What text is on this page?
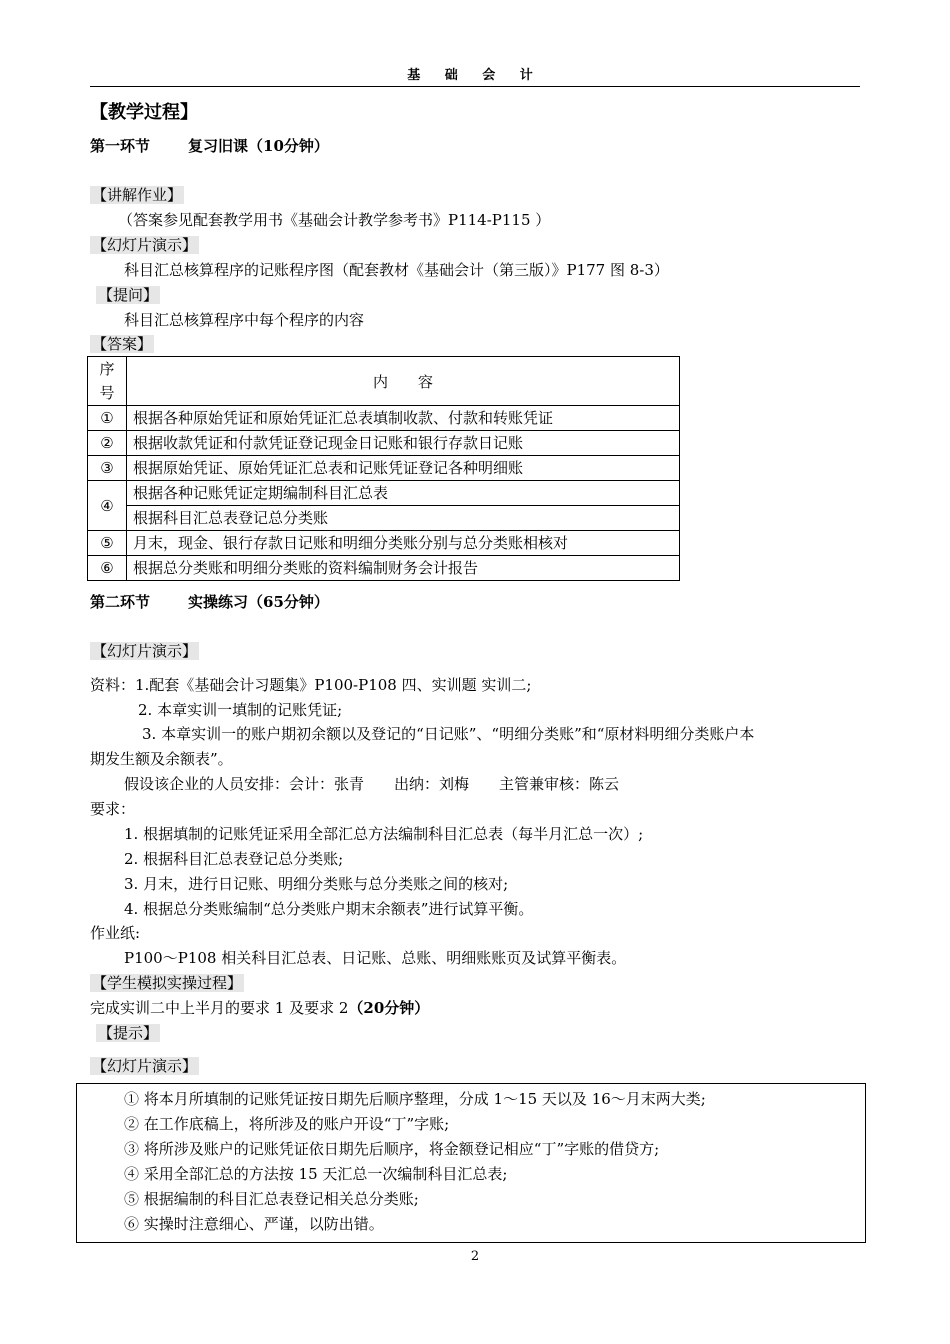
基 础 会 计
【教学过程】
第一环节	复习旧课（10分钟）
【讲解作业】
（答案参见配套教学用书《基础会计教学参考书》P114-P115 ）
【幻灯片演示】
科目汇总核算程序的记账程序图（配套教材《基础会计（第三版）》P177 图 8-3）
【提问】
科目汇总核算程序中每个程序的内容
【答案】
序号	内　　容
①	根据各种原始凭证和原始凭证汇总表填制收款、付款和转账凭证
②	根据收款凭证和付款凭证登记现金日记账和银行存款日记账
③	根据原始凭证、原始凭证汇总表和记账凭证登记各种明细账
④	根据各种记账凭证定期编制科目汇总表
	根据科目汇总表登记总分类账
⑤	月末，现金、银行存款日记账和明细分类账分别与总分类账相核对
⑥	根据总分类账和明细分类账的资料编制财务会计报告
第二环节	实操练习（65分钟）
【幻灯片演示】
资料：1.配套《基础会计习题集》P100-P108 四、实训题 实训二;
2. 本章实训一填制的记账凭证;
3. 本章实训一的账户期初余额以及登记的“日记账”、“明细分类账”和“原材料明细分类账户本
期发生额及余额表”。
假设该企业的人员安排：会计：张青　　出纳：刘梅　　主管兼审核：陈云
要求：
1. 根据填制的记账凭证采用全部汇总方法编制科目汇总表（每半月汇总一次）;
2. 根据科目汇总表登记总分类账;
3. 月末，进行日记账、明细分类账与总分类账之间的核对;
4. 根据总分类账编制“总分类账户期末余额表”进行试算平衡。
作业纸:
P100～P108 相关科目汇总表、日记账、总账、明细账账页及试算平衡表。
【学生模拟实操过程】
完成实训二中上半月的要求 1 及要求 2（20分钟）
【提示】
【幻灯片演示】
① 将本月所填制的记账凭证按日期先后顺序整理，分成 1～15 天以及 16～月末两大类;
② 在工作底稿上，将所涉及的账户开设“丁”字账;
③ 将所涉及账户的记账凭证依日期先后顺序，将金额登记相应“丁”字账的借贷方;
④ 采用全部汇总的方法按 15 天汇总一次编制科目汇总表;
⑤ 根据编制的科目汇总表登记相关总分类账;
⑥ 实操时注意细心、严谨，以防出错。
2
